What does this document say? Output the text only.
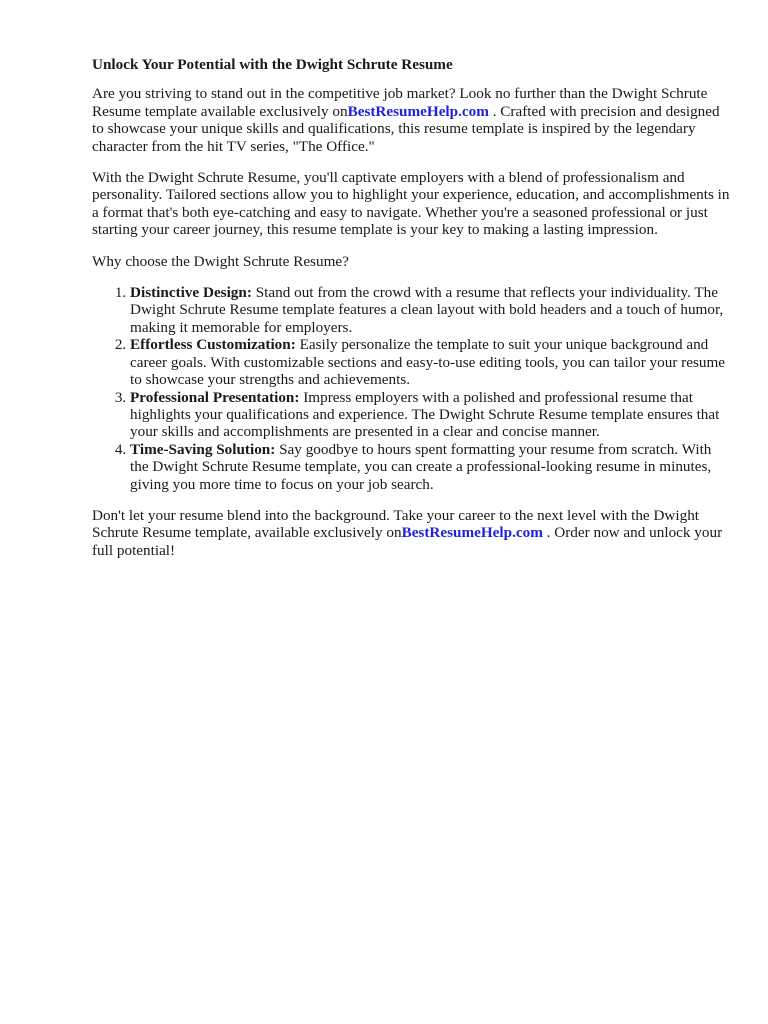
Unlock Your Potential with the Dwight Schrute Resume

Are you striving to stand out in the competitive job market? Look no further than the Dwight Schrute Resume template available exclusively onBestResumeHelp.com . Crafted with precision and designed to showcase your unique skills and qualifications, this resume template is inspired by the legendary character from the hit TV series, "The Office."

With the Dwight Schrute Resume, you'll captivate employers with a blend of professionalism and personality. Tailored sections allow you to highlight your experience, education, and accomplishments in a format that's both eye-catching and easy to navigate. Whether you're a seasoned professional or just starting your career journey, this resume template is your key to making a lasting impression.

Why choose the Dwight Schrute Resume?

1. Distinctive Design: Stand out from the crowd with a resume that reflects your individuality. The Dwight Schrute Resume template features a clean layout with bold headers and a touch of humor, making it memorable for employers.
2. Effortless Customization: Easily personalize the template to suit your unique background and career goals. With customizable sections and easy-to-use editing tools, you can tailor your resume to showcase your strengths and achievements.
3. Professional Presentation: Impress employers with a polished and professional resume that highlights your qualifications and experience. The Dwight Schrute Resume template ensures that your skills and accomplishments are presented in a clear and concise manner.
4. Time-Saving Solution: Say goodbye to hours spent formatting your resume from scratch. With the Dwight Schrute Resume template, you can create a professional-looking resume in minutes, giving you more time to focus on your job search.

Don't let your resume blend into the background. Take your career to the next level with the Dwight Schrute Resume template, available exclusively onBestResumeHelp.com . Order now and unlock your full potential!
